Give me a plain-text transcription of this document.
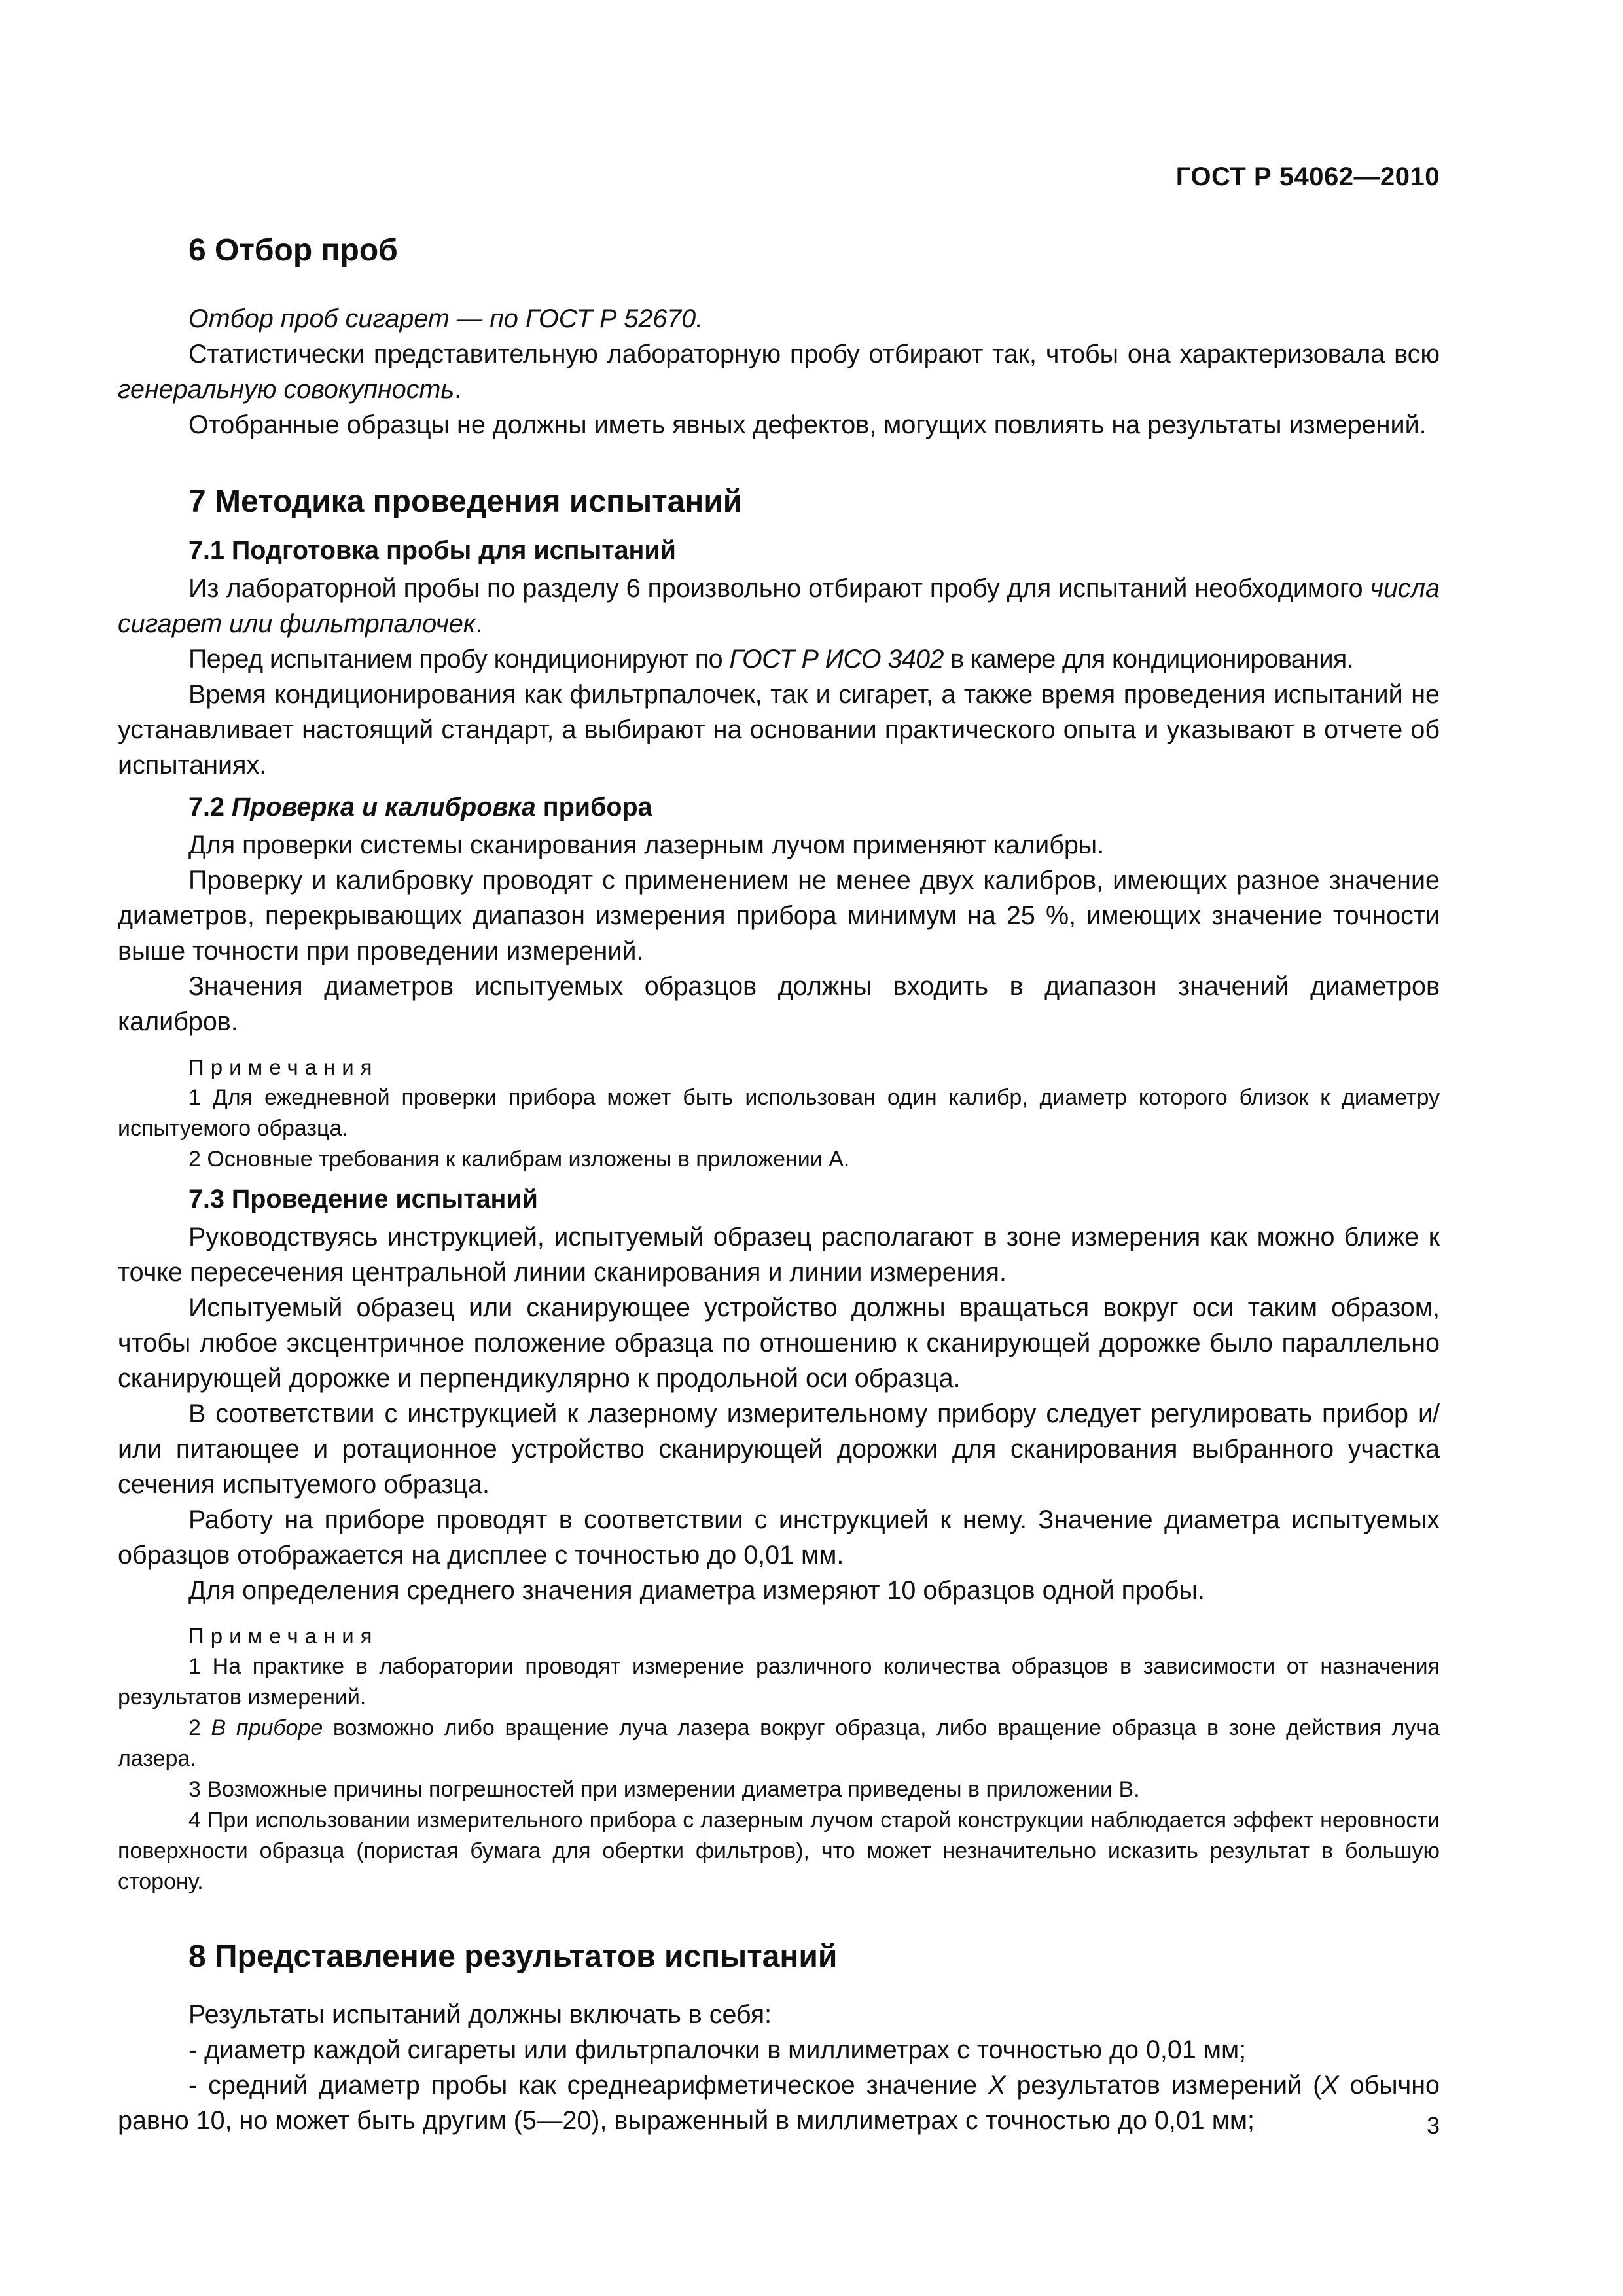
ГОСТ Р 54062—2010
6 Отбор проб

Отбор проб сигарет — по ГОСТ Р 52670.

Статистически представительную лабораторную пробу отбирают так, чтобы она характеризовала всю генеральную совокупность.

Отобранные образцы не должны иметь явных дефектов, могущих повлиять на результаты измерений.

7 Методика проведения испытаний
7.1 Подготовка пробы для испытаний

Из лабораторной пробы по разделу 6 произвольно отбирают пробу для испытаний необходимого числа сигарет или фильтрпалочек.

Перед испытанием пробу кондиционируют по ГОСТ Р ИСО 3402 в камере для кондиционирования.

Время кондиционирования как фильтрпалочек, так и сигарет, а также время проведения испытаний не устанавливает настоящий стандарт, а выбирают на основании практического опыта и указывают в отчете об испытаниях.

7.2 Проверка и калибровка прибора

Для проверки системы сканирования лазерным лучом применяют калибры.

Проверку и калибровку проводят с применением не менее двух калибров, имеющих разное значение диаметров, перекрывающих диапазон измерения прибора минимум на 25 %, имеющих значение точности выше точности при проведении измерений.

Значения диаметров испытуемых образцов должны входить в диапазон значений диаметров калибров.

Примечания

1 Для ежедневной проверки прибора может быть использован один калибр, диаметр которого близок к диаметру испытуемого образца.

2 Основные требования к калибрам изложены в приложении А.

7.3 Проведение испытаний

Руководствуясь инструкцией, испытуемый образец располагают в зоне измерения как можно ближе к точке пересечения центральной линии сканирования и линии измерения.

Испытуемый образец или сканирующее устройство должны вращаться вокруг оси таким образом, чтобы любое эксцентричное положение образца по отношению к сканирующей дорожке было параллельно сканирующей дорожке и перпендикулярно к продольной оси образца.

В соответствии с инструкцией к лазерному измерительному прибору следует регулировать прибор и/или питающее и ротационное устройство сканирующей дорожки для сканирования выбранного участка сечения испытуемого образца.

Работу на приборе проводят в соответствии с инструкцией к нему. Значение диаметра испытуемых образцов отображается на дисплее с точностью до 0,01 мм.

Для определения среднего значения диаметра измеряют 10 образцов одной пробы.

Примечания

1 На практике в лаборатории проводят измерение различного количества образцов в зависимости от назначения результатов измерений.

2 В приборе возможно либо вращение луча лазера вокруг образца, либо вращение образца в зоне действия луча лазера.

3 Возможные причины погрешностей при измерении диаметра приведены в приложении В.

4 При использовании измерительного прибора с лазерным лучом старой конструкции наблюдается эффект неровности поверхности образца (пористая бумага для обертки фильтров), что может незначительно исказить результат в большую сторону.

8 Представление результатов испытаний

Результаты испытаний должны включать в себя:

- диаметр каждой сигареты или фильтрпалочки в миллиметрах с точностью до 0,01 мм;

- средний диаметр пробы как среднеарифметическое значение X результатов измерений (X обычно равно 10, но может быть другим (5—20), выраженный в миллиметрах с точностью до 0,01 мм;	3
